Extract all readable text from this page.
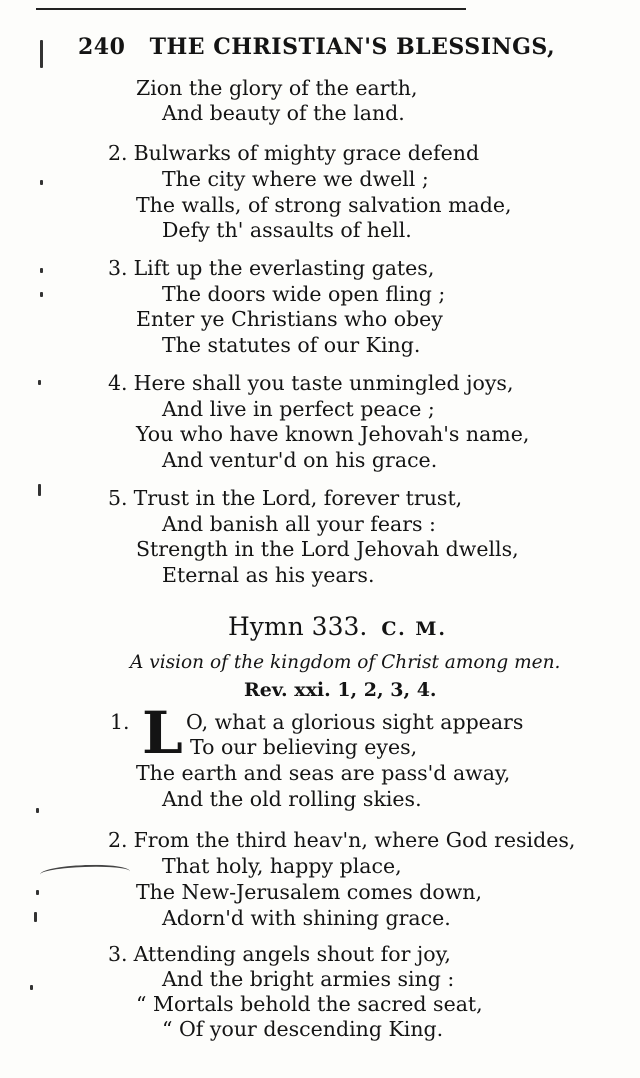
240 THE CHRISTIAN'S BLESSINGS,
Zion the glory of the earth,
And beauty of the land.
2. Bulwarks of mighty grace defend
The city where we dwell ;
The walls, of strong salvation made,
Defy th' assaults of hell.
3. Lift up the everlasting gates,
The doors wide open fling ;
Enter ye Christians who obey
The statutes of our King.
4. Here shall you taste unmingled joys,
And live in perfect peace ;
You who have known Jehovah's name,
And ventur'd on his grace.
5. Trust in the Lord, forever trust,
And banish all your fears :
Strength in the Lord Jehovah dwells,
Eternal as his years.
Hymn 333. C. M.
A vision of the kingdom of Christ among men.
Rev. xxi. 1, 2, 3, 4.
1. L O, what a glorious sight appears
To our believing eyes,
The earth and seas are pass'd away,
And the old rolling skies.
2. From the third heav'n, where God resides,
That holy, happy place,
The New-Jerusalem comes down,
Adorn'd with shining grace.
3. Attending angels shout for joy,
And the bright armies sing :
“ Mortals behold the sacred seat,
“ Of your descending King.
